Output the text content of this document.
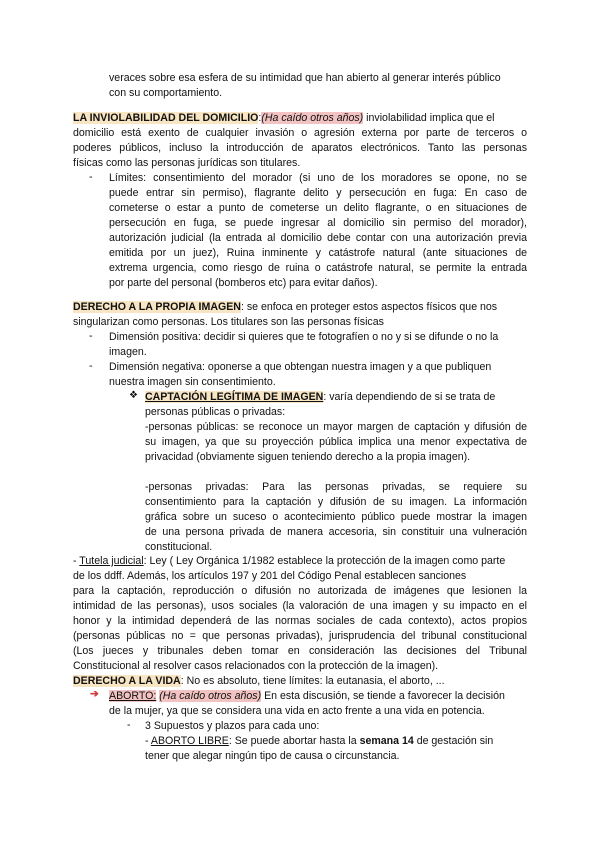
veraces sobre esa esfera de su intimidad que han abierto al generar interés público
con su comportamiento.
LA INVIOLABILIDAD DEL DOMICILIO:(Ha caído otros años) inviolabilidad implica que el
domicilio está exento de cualquier invasión o agresión externa por parte de terceros o
poderes públicos, incluso la introducción de aparatos electrónicos. Tanto las personas
físicas como las personas jurídicas son titulares.
- Límites: consentimiento del morador (si uno de los moradores se opone, no se
puede entrar sin permiso), flagrante delito y persecución en fuga: En caso de
cometerse o estar a punto de cometerse un delito flagrante, o en situaciones de
persecución en fuga, se puede ingresar al domicilio sin permiso del morador),
autorización judicial (la entrada al domicilio debe contar con una autorización previa
emitida por un juez), Ruina inminente y catástrofe natural (ante situaciones de
extrema urgencia, como riesgo de ruina o catástrofe natural, se permite la entrada
por parte del personal (bomberos etc) para evitar daños).
DERECHO A LA PROPIA IMAGEN: se enfoca en proteger estos aspectos físicos que nos
singularizan como personas. Los titulares son las personas físicas
- Dimensión positiva: decidir si quieres que te fotografíen o no y si se difunde o no la
imagen.
- Dimensión negativa: oponerse a que obtengan nuestra imagen y a que publiquen
nuestra imagen sin consentimiento.
❖ CAPTACIÓN LEGÍTIMA DE IMAGEN: varía dependiendo de si se trata de
personas públicas o privadas:
-personas públicas: se reconoce un mayor margen de captación y difusión de
su imagen, ya que su proyección pública implica una menor expectativa de
privacidad (obviamente siguen teniendo derecho a la propia imagen).
-personas privadas: Para las personas privadas, se requiere su
consentimiento para la captación y difusión de su imagen. La información
gráfica sobre un suceso o acontecimiento público puede mostrar la imagen
de una persona privada de manera accesoria, sin constituir una vulneración
constitucional.
- Tutela judicial: Ley ( Ley Orgánica 1/1982 establece la protección de la imagen como parte
de los ddff. Además, los artículos 197 y 201 del Código Penal establecen sanciones
para la captación, reproducción o difusión no autorizada de imágenes que lesionen la
intimidad de las personas), usos sociales (la valoración de una imagen y su impacto en el
honor y la intimidad dependerá de las normas sociales de cada contexto), actos propios
(personas públicas no = que personas privadas), jurisprudencia del tribunal constitucional
(Los jueces y tribunales deben tomar en consideración las decisiones del Tribunal
Constitucional al resolver casos relacionados con la protección de la imagen).
DERECHO A LA VIDA: No es absoluto, tiene límites: la eutanasia, el aborto, ...
➔ ABORTO: (Ha caído otros años) En esta discusión, se tiende a favorecer la decisión
de la mujer, ya que se considera una vida en acto frente a una vida en potencia.
- 3 Supuestos y plazos para cada uno:
- ABORTO LIBRE: Se puede abortar hasta la semana 14 de gestación sin
tener que alegar ningún tipo de causa o circunstancia.
